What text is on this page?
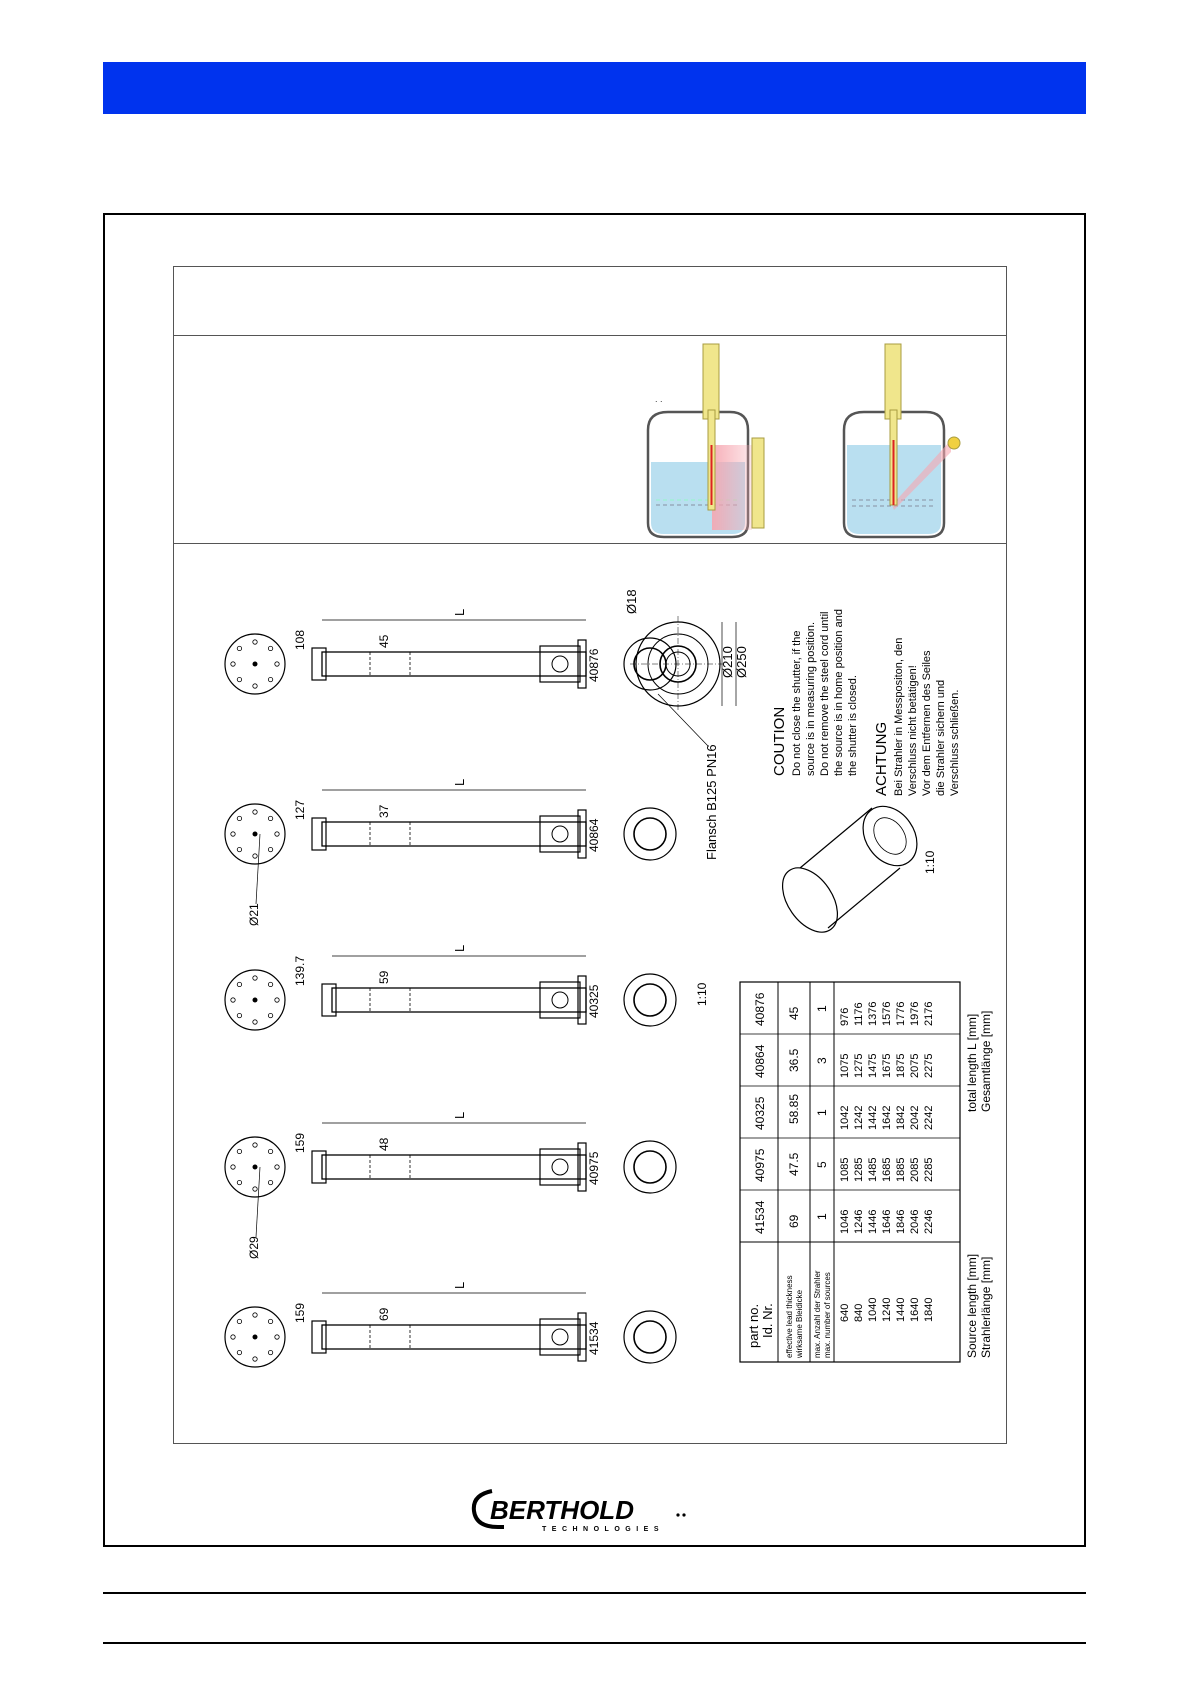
. .
L
69
159
41534
L
48
159
40975
Ø29
L
59
139.7
40325
L
37
127
40864
Ø21
L
45
108
40876
Ø18
Ø210 Ø250
Flansch B125 PN16
COUTION Do not close the shutter, if the source is in measuring position. Do not remove the steel cord until the source is in home position and the shutter is closed. ACHTUNG Bei Strahler in Messpositon, den Verschluss nicht betätigen! Vor dem Entfernen des Seiles die Strahler sichern und Verschluss schließen.
1:10
1:10
part no. Id. Nr. effective lead thickness wirksame Bleidicke max. Anzahl der Strahler max. number of sources 640 840 1040 1240 1440 1640 1840
41534 69 1 1046 1246 1446 1646 1846 2046 2246
40975 47.5 5 1085 1285 1485 1685 1885 2085 2285
40325 58.85 1 1042 1242 1442 1642 1842 2042 2242
40864 36.5 3 1075 1275 1475 1675 1875 2075 2275
40876 45 1 976 1176 1376 1576 1776 1976 2176
Source length [mm] Strahlerlänge [mm]
total length L [mm] Gesamtlänge [mm]
BERTHOLD
TECHNOLOGIES
